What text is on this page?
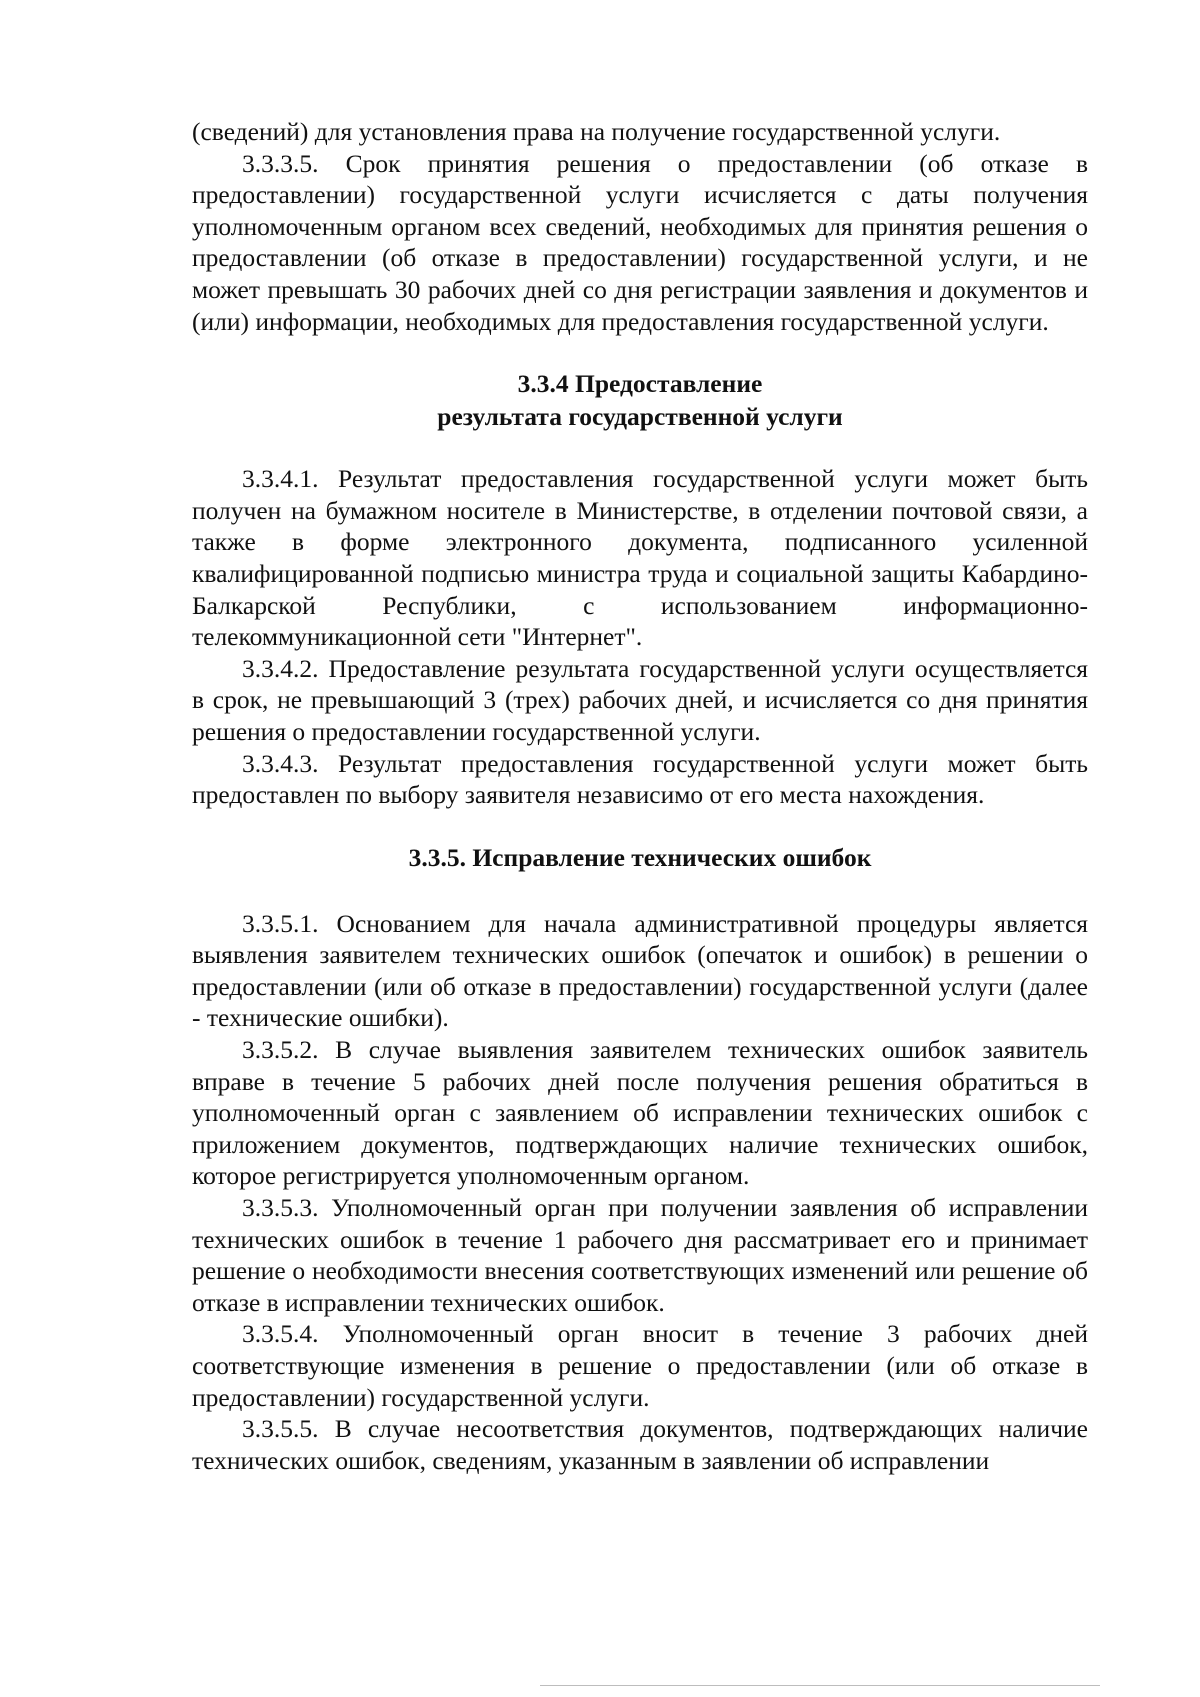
(сведений) для установления права на получение государственной услуги.

3.3.3.5. Срок принятия решения о предоставлении (об отказе в предоставлении) государственной услуги исчисляется с даты получения уполномоченным органом всех сведений, необходимых для принятия решения о предоставлении (об отказе в предоставлении) государственной услуги, и не может превышать 30 рабочих дней со дня регистрации заявления и документов и (или) информации, необходимых для предоставления государственной услуги.

3.3.4 Предоставление
результата государственной услуги

3.3.4.1. Результат предоставления государственной услуги может быть получен на бумажном носителе в Министерстве, в отделении почтовой связи, а также в форме электронного документа, подписанного усиленной квалифицированной подписью министра труда и социальной защиты Кабардино-Балкарской Республики, с использованием информационно-телекоммуникационной сети "Интернет".

3.3.4.2. Предоставление результата государственной услуги осуществляется в срок, не превышающий 3 (трех) рабочих дней, и исчисляется со дня принятия решения о предоставлении государственной услуги.

3.3.4.3. Результат предоставления государственной услуги может быть предоставлен по выбору заявителя независимо от его места нахождения.

3.3.5. Исправление технических ошибок

3.3.5.1. Основанием для начала административной процедуры является выявления заявителем технических ошибок (опечаток и ошибок) в решении о предоставлении (или об отказе в предоставлении) государственной услуги (далее - технические ошибки).

3.3.5.2. В случае выявления заявителем технических ошибок заявитель вправе в течение 5 рабочих дней после получения решения обратиться в уполномоченный орган с заявлением об исправлении технических ошибок с приложением документов, подтверждающих наличие технических ошибок, которое регистрируется уполномоченным органом.

3.3.5.3. Уполномоченный орган при получении заявления об исправлении технических ошибок в течение 1 рабочего дня рассматривает его и принимает решение о необходимости внесения соответствующих изменений или решение об отказе в исправлении технических ошибок.

3.3.5.4. Уполномоченный орган вносит в течение 3 рабочих дней соответствующие изменения в решение о предоставлении (или об отказе в предоставлении) государственной услуги.

3.3.5.5. В случае несоответствия документов, подтверждающих наличие технических ошибок, сведениям, указанным в заявлении об исправлении
